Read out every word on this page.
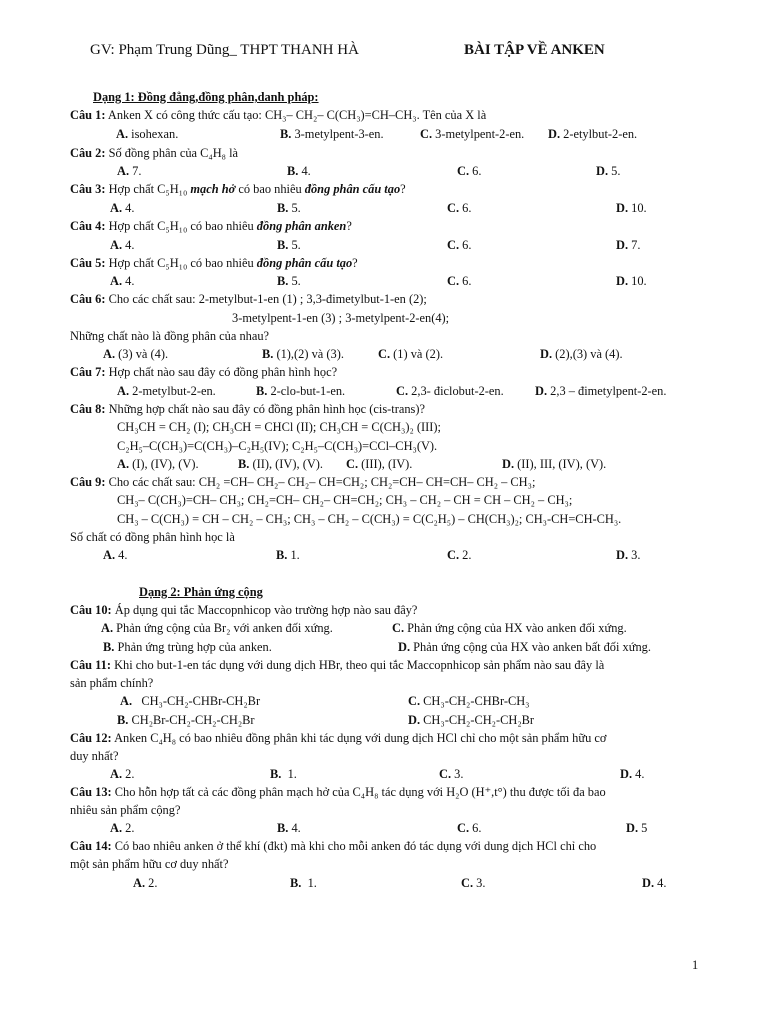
GV: Phạm Trung Dũng_ THPT THANH HÀ	BÀI TẬP VỀ ANKEN
Dạng 1: Đồng đẳng,đồng phân,danh pháp:
Câu 1: Anken X có công thức cấu tạo: CH₃– CH₂– C(CH₃)=CH–CH₃. Tên của X là
A. isohexan.	B. 3-metylpent-3-en.	C. 3-metylpent-2-en. D. 2-etylbut-2-en.
Câu 2: Số đồng phân của C₄H₈ là
A. 7.	B. 4.	C. 6.	D. 5.
Câu 3: Hợp chất C₅H₁₀ mạch hở có bao nhiêu đồng phân cấu tạo?
A. 4.	B. 5.	C. 6.	D. 10.
Câu 4: Hợp chất C₅H₁₀ có bao nhiêu đồng phân anken?
A. 4.	B. 5.	C. 6.	D. 7.
Câu 5: Hợp chất C₅H₁₀ có bao nhiêu đồng phân cấu tạo?
A. 4.	B. 5.	C. 6.	D. 10.
Câu 6: Cho các chất sau: 2-metylbut-1-en (1) ; 3,3-đimetylbut-1-en (2);
3-metylpent-1-en (3) ; 3-metylpent-2-en(4);
Những chất nào là đồng phân của nhau?
A. (3) và (4).	B. (1),(2) và (3).	C. (1) và (2).	D. (2),(3) và (4).
Câu 7: Hợp chất nào sau đây có đồng phân hình học?
A. 2-metylbut-2-en.	B. 2-clo-but-1-en.	C. 2,3- điclobut-2-en.	D. 2,3 – đimetylpent-2-en.
Câu 8: Những hợp chất nào sau đây có đồng phân hình học (cis-trans)?
CH₃CH = CH₂ (I); CH₃CH = CHCl (II); CH₃CH = C(CH₃)₂ (III);
C₂H₅–C(CH₃)=C(CH₃)–C₂H₅(IV); C₂H₅–C(CH₃)=CCl–CH₃(V).
A. (I), (IV), (V).	B. (II), (IV), (V). C. (III), (IV).	D. (II), III, (IV), (V).
Câu 9: Cho các chất sau: CH₂ =CH– CH₂– CH₂– CH=CH₂; CH₂=CH– CH=CH– CH₂ – CH₃;
CH₃– C(CH₃)=CH– CH₃; CH₂=CH– CH₂– CH=CH₂; CH₃ – CH₂ – CH = CH – CH₂ – CH₃;
CH₃ – C(CH₃) = CH – CH₂ – CH₃; CH₃ – CH₂ – C(CH₃) = C(C₂H₅) – CH(CH₃)₂; CH₃-CH=CH-CH₃.
Số chất có đồng phân hình học là
A. 4.	B. 1.	C. 2.	D. 3.
Dạng 2: Phản ứng cộng
Câu 10: Áp dụng qui tắc Maccopnhicop vào trường hợp nào sau đây?
A. Phản ứng cộng của Br₂ với anken đối xứng.	C. Phản ứng cộng của HX vào anken đối xứng.
B. Phản ứng trùng hợp của anken.	D. Phản ứng cộng của HX vào anken bất đối xứng.
Câu 11: Khi cho but-1-en tác dụng với dung dịch HBr, theo qui tắc Maccopnhicop sản phẩm nào sau đây là
sản phẩm chính?
A. CH₃-CH₂-CHBr-CH₂Br	C. CH₃-CH₂-CHBr-CH₃
B. CH₂Br-CH₂-CH₂-CH₂Br	D. CH₃-CH₂-CH₂-CH₂Br
Câu 12: Anken C₄H₈ có bao nhiêu đồng phân khi tác dụng với dung dịch HCl chỉ cho một sản phẩm hữu cơ
duy nhất?
A. 2.	B. 1.	C. 3.	D. 4.
Câu 13: Cho hỗn hợp tất cả các đồng phân mạch hở của C₄H₈ tác dụng với H₂O (H⁺,t°) thu được tối đa bao
nhiêu sản phẩm cộng?
A. 2.	B. 4.	C. 6.	D. 5
Câu 14: Có bao nhiêu anken ở thể khí (đkt) mà khi cho mỗi anken đó tác dụng với dung dịch HCl chỉ cho
một sản phẩm hữu cơ duy nhất?
A. 2.	B. 1.	C. 3.	D. 4.
1
